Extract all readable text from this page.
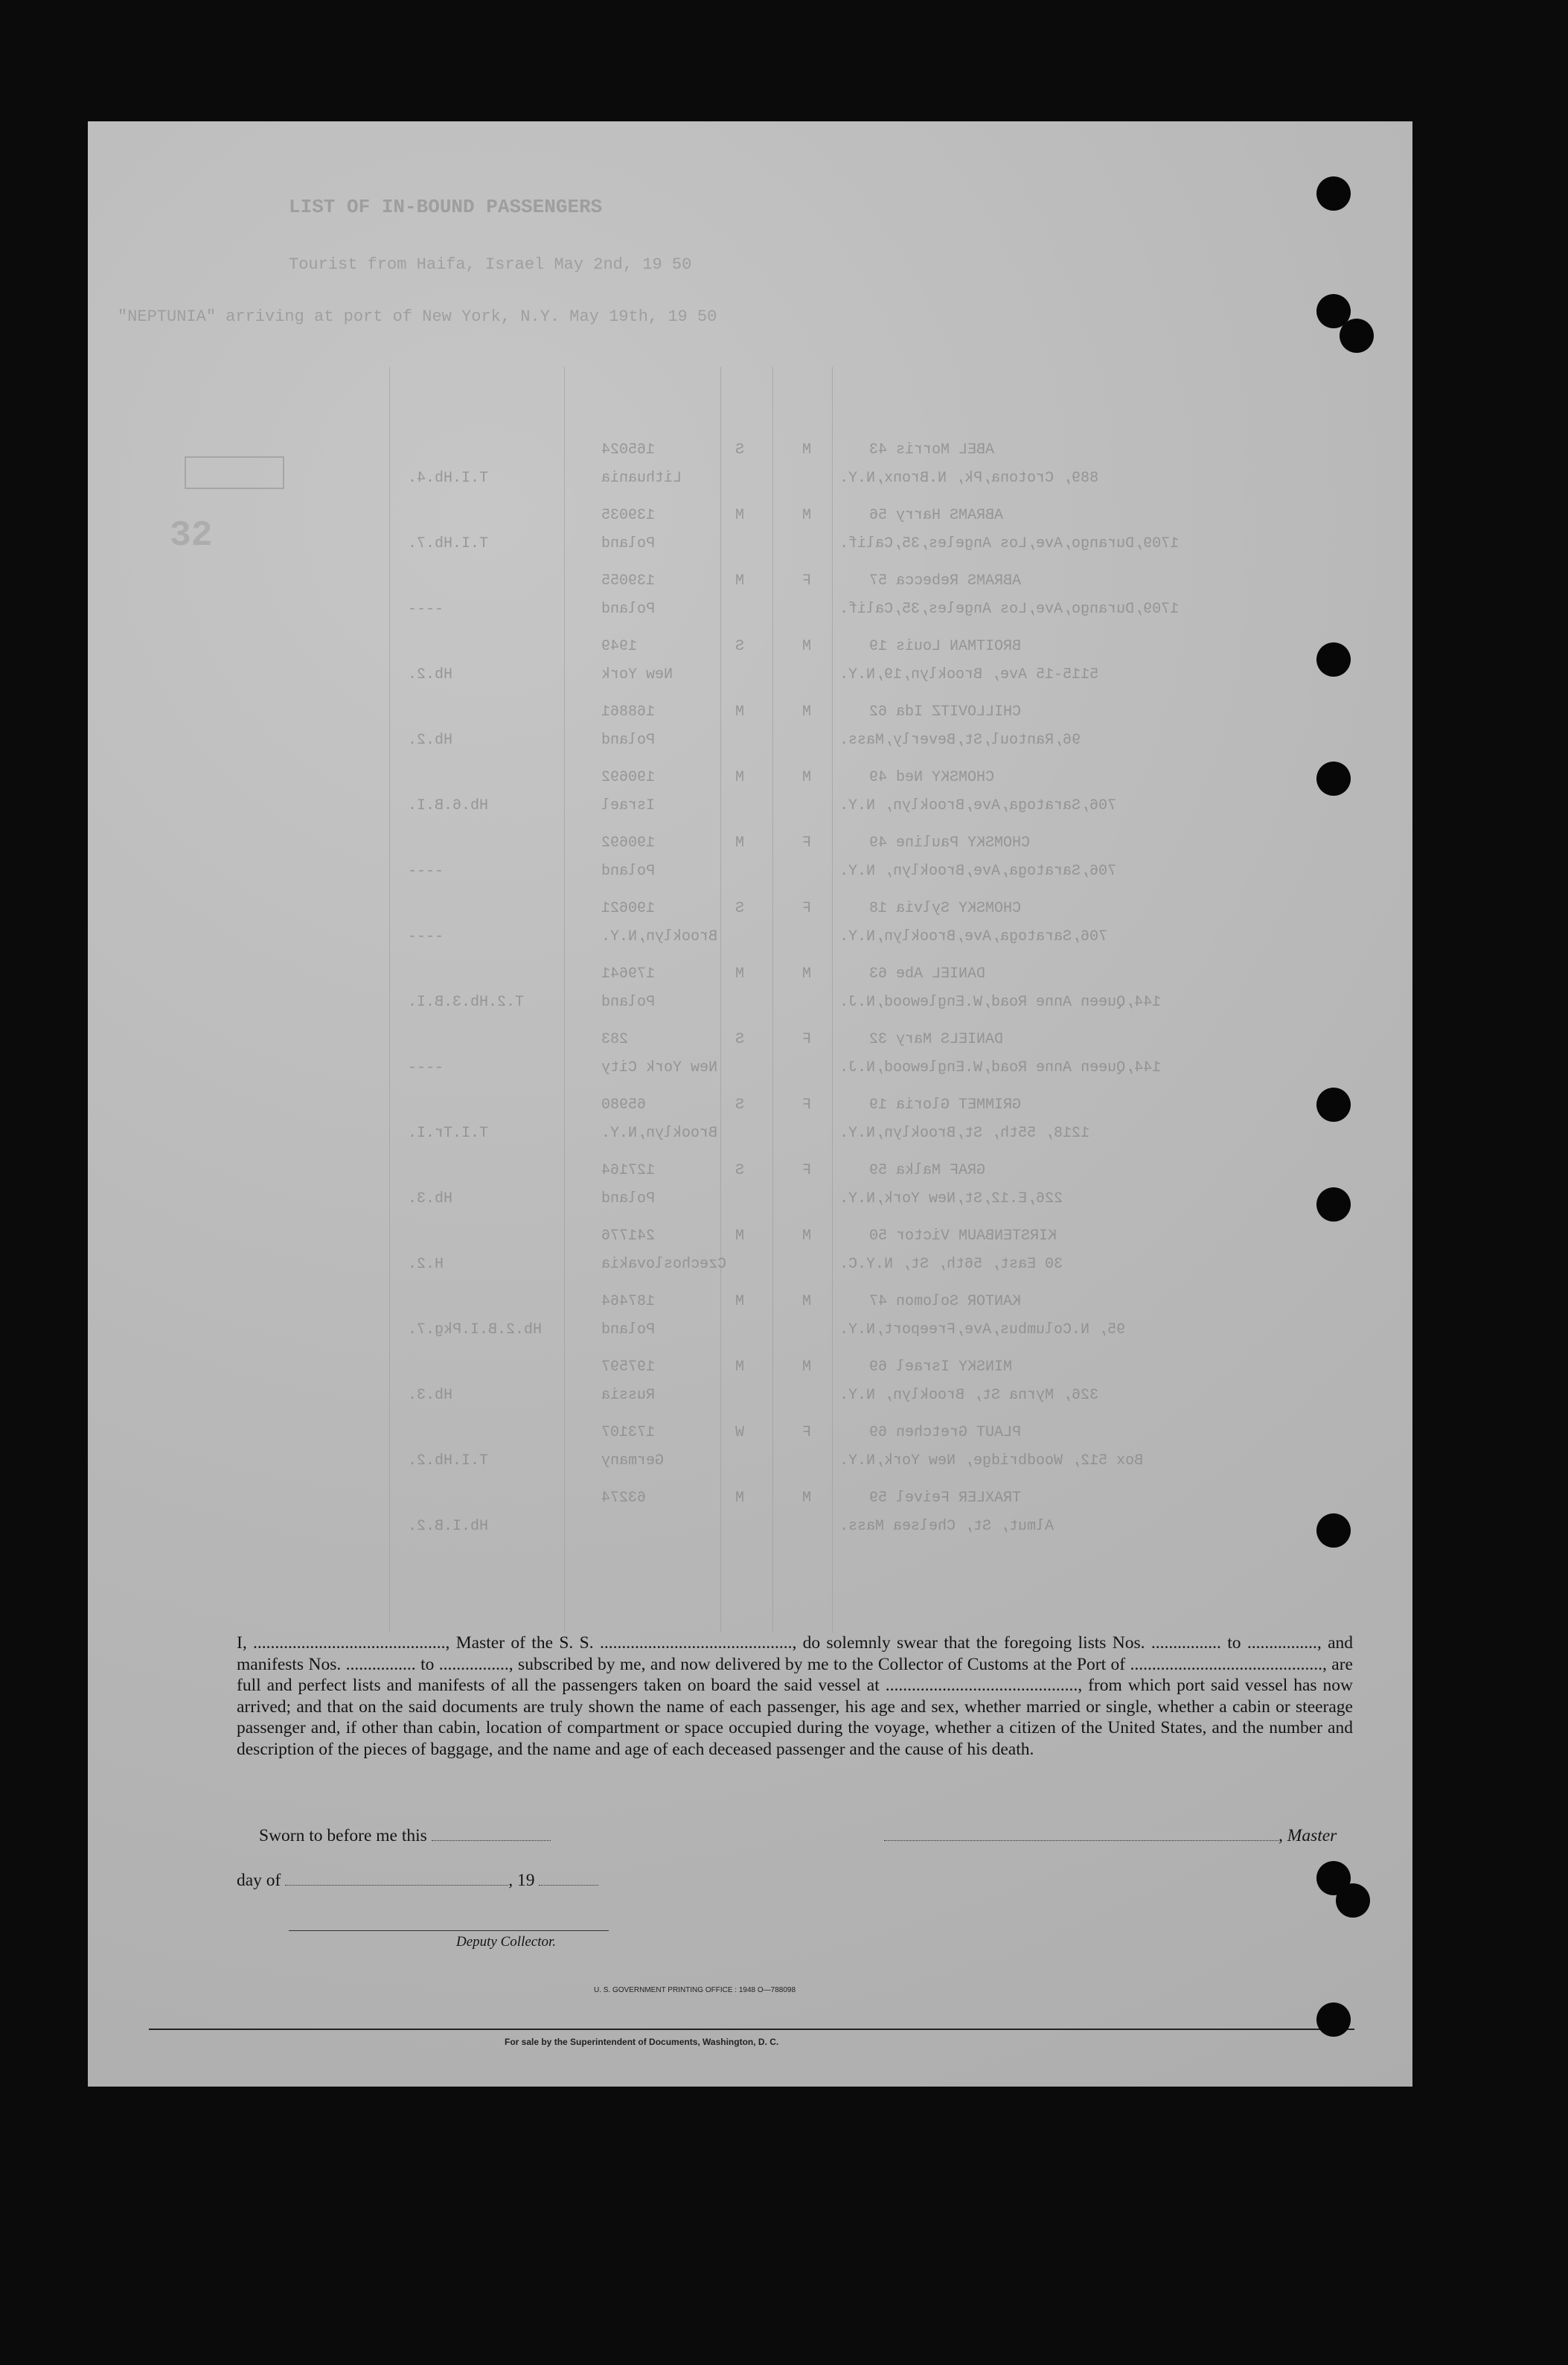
LIST OF IN-BOUND PASSENGERS
Tourist from Haifa, Israel May 2nd, 19 50
"NEPTUNIA" arriving at port of New York, N.Y. May 19th, 19 50
32
T.I.Hb.4.	Lithuania
165024	S	M	ABEL Morris 43
889, Crotona,Pk, N.Bronx,N.Y.
T.I.Hb.7.	Poland
139035	M	M	ABRAMS Harry 56
1709,Durango,Ave,Los Angeles,35,Calif.
----	Poland
139055	M	F	ABRAMS Rebecca 57
1709,Durango,Ave,Los Angeles,35,Calif.
Hb.2.	New York
1949	S	M	BROITMAN Louis 19
5115-15 Ave, Brooklyn,19,N.Y.
Hb.2.	Poland
168861	M	M	CHILLOVITZ Ida 62
96,Rantoul,St,Beverly,Mass.
Hb.6.B.I.	Israel
190692	M	M	CHOMSKY Ned 49
706,Saratoga,Ave,Brooklyn, N.Y.
----	Poland
190692	M	F	CHOMSKY Pauline 49
706,Saratoga,Ave,Brooklyn, N.Y.
----	Brooklyn,N.Y.
190621	S	F	CHOMSKY Sylvia 18
706,Saratoga,Ave,Brooklyn,N.Y.
T.2.Hb.3.B.I.	Poland
179641	M	M	DANIEL Abe 63
144,Queen Anne Road,W.Englewood,N.J.
----	New York City
283	S	F	DANIELS Mary 32
144,Queen Anne Road,W.Englewood,N.J.
T.I.Tr.I.	Brooklyn,N.Y.
65980	S	F	GRIMMET Gloria 19
1218, 55th, St,Brooklyn,N.Y.
Hb.3.	Poland
127164	S	F	GRAF Malka 59
226,E.12,St,New York,N.Y.
H.2.	Czechoslovakia
241776	M	M	KIRSTENBAUM Victor 50
30 East, 56th, St, N.Y.C.
Hb.2.B.I.Pkg.7.	Poland
187464	M	M	KANTOR Solomon 47
95, N.Columbus,Ave,Freeport,N.Y.
Hb.3.	Russia
197597	M	M	MINSKY Israel 69
326, Myrna St, Brooklyn, N.Y.
T.I.Hb.2.	Germany
173107	W	F	PLAUT Gretchen 69
Box 512, Woodbridge, New York,N.Y.
Hb.I.B.2.
63274	M	M	TRAXLER Feivel 59
Almut, St, Chelsea Mass.

I, ............................................, Master of the S. S. ............................................, do solemnly swear that the foregoing lists Nos. ................ to ................, and manifests Nos. ................ to ................, subscribed by me, and now delivered by me to the Collector of Customs at the Port of ............................................, are full and perfect lists and manifests of all the passengers taken on board the said vessel at ............................................, from which port said vessel has now arrived; and that on the said documents are truly shown the name of each passenger, his age and sex, whether married or single, whether a cabin or steerage passenger and, if other than cabin, location of compartment or space occupied during the voyage, whether a citizen of the United States, and the number and description of the pieces of baggage, and the name and age of each deceased passenger and the cause of his death.

Sworn to before me this	, Master
day of	, 19
Deputy Collector.
U. S. GOVERNMENT PRINTING OFFICE : 1948 O—788098
For sale by the Superintendent of Documents, Washington, D. C.
